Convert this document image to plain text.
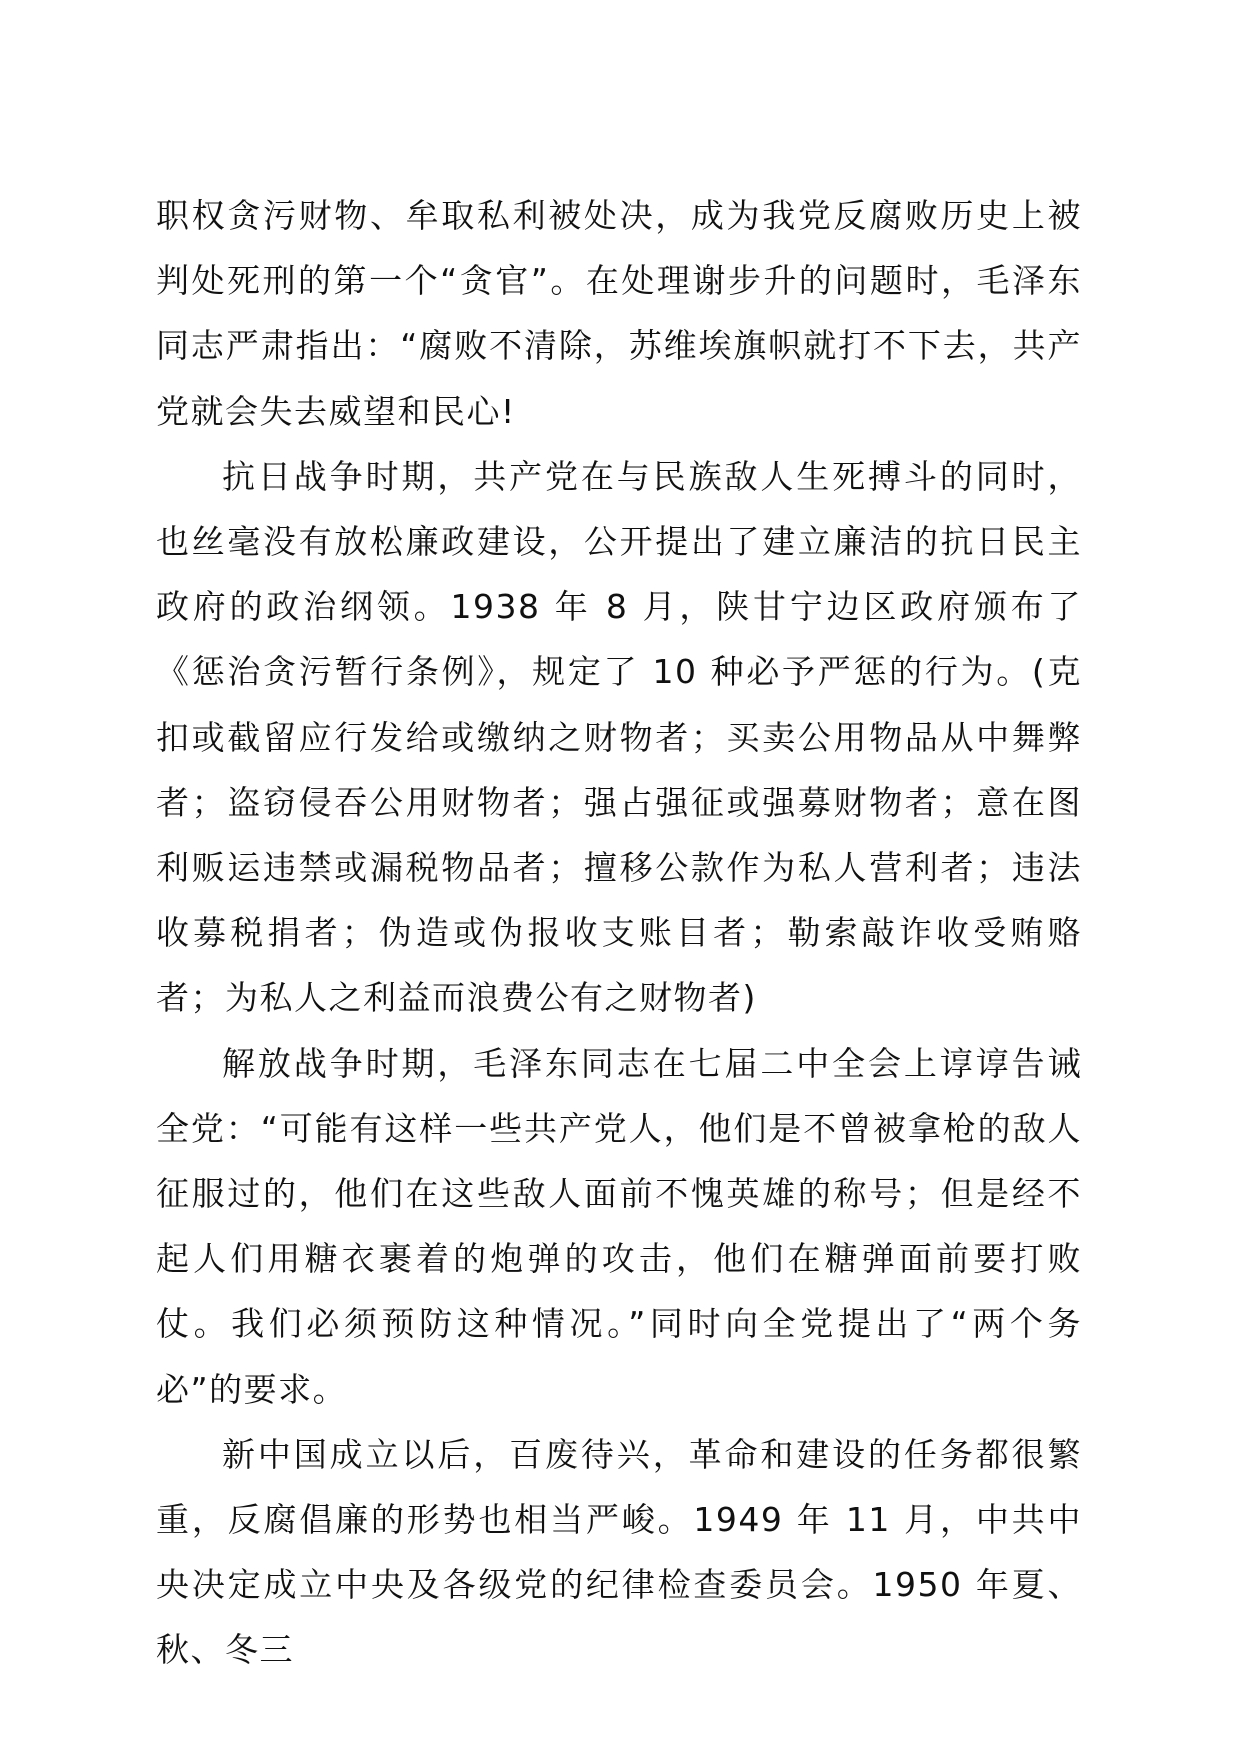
职权贪污财物、牟取私利被处决，成为我党反腐败历史上被判处死刑的第一个“贪官”。在处理谢步升的问题时，毛泽东同志严肃指出：“腐败不清除，苏维埃旗帜就打不下去，共产党就会失去威望和民心!

抗日战争时期，共产党在与民族敌人生死搏斗的同时，也丝毫没有放松廉政建设，公开提出了建立廉洁的抗日民主政府的政治纲领。1938 年 8 月，陕甘宁边区政府颁布了《惩治贪污暂行条例》，规定了 10 种必予严惩的行为。(克扣或截留应行发给或缴纳之财物者；买卖公用物品从中舞弊者；盗窃侵吞公用财物者；强占强征或强募财物者；意在图利贩运违禁或漏税物品者；擅移公款作为私人营利者；违法收募税捐者；伪造或伪报收支账目者；勒索敲诈收受贿赂者；为私人之利益而浪费公有之财物者)

解放战争时期，毛泽东同志在七届二中全会上谆谆告诫全党：“可能有这样一些共产党人，他们是不曾被拿枪的敌人征服过的，他们在这些敌人面前不愧英雄的称号；但是经不起人们用糖衣裹着的炮弹的攻击，他们在糖弹面前要打败仗。我们必须预防这种情况。”同时向全党提出了“两个务必”的要求。

新中国成立以后，百废待兴，革命和建设的任务都很繁重，反腐倡廉的形势也相当严峻。1949 年 11 月，中共中央决定成立中央及各级党的纪律检查委员会。1950 年夏、秋、冬三
